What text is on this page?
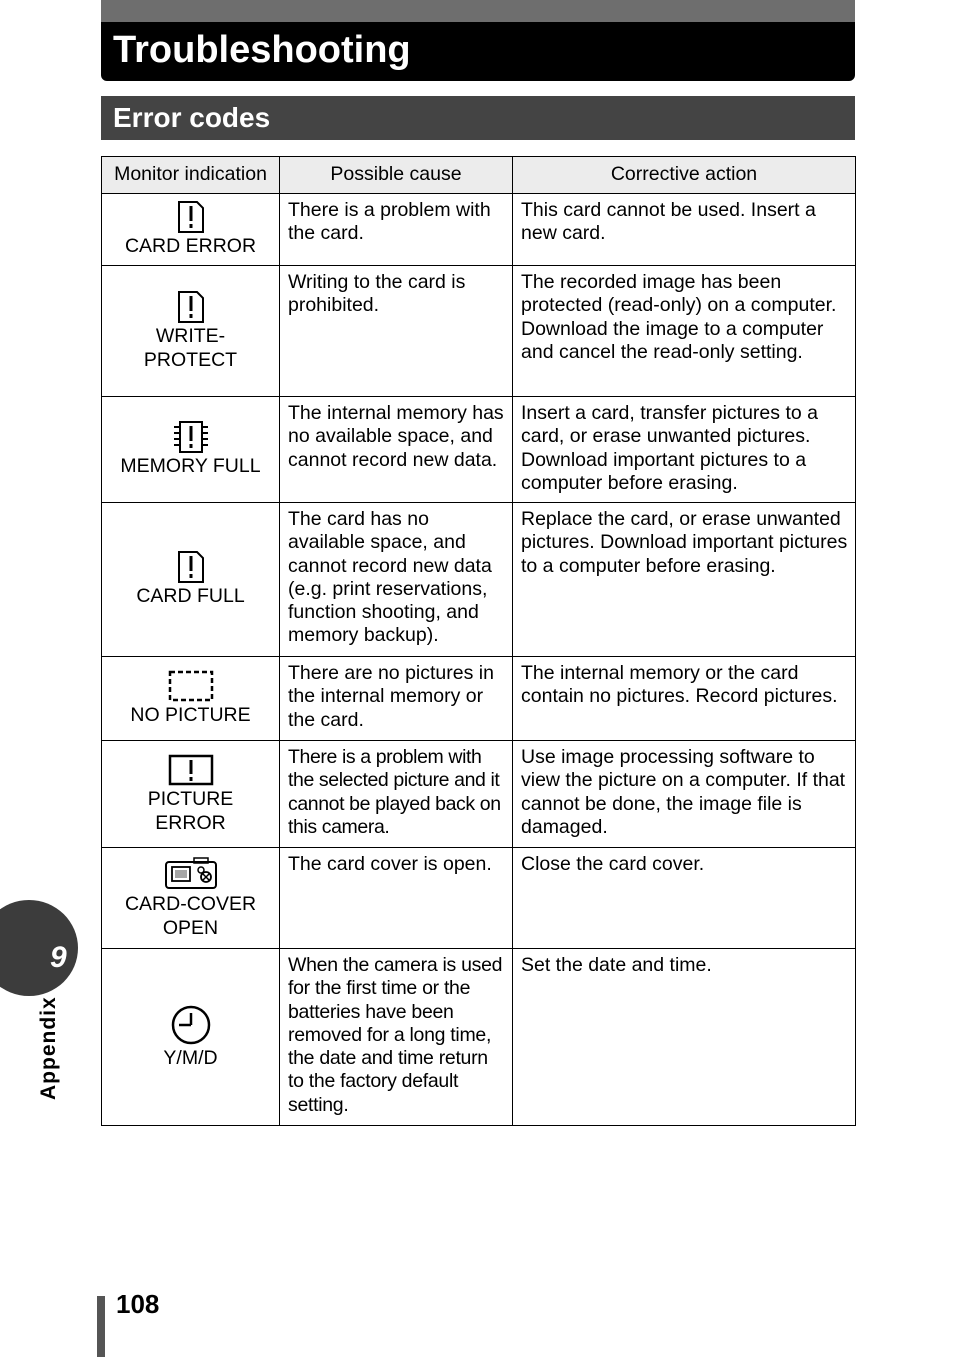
Troubleshooting
Error codes
Monitor indication	Possible cause	Corrective action

CARD ERROR	There is a problem with the card.	This card cannot be used. Insert a new card.

WRITE-
PROTECT	Writing to the card is prohibited.	The recorded image has been protected (read-only) on a computer. Download the image to a computer and cancel the read-only setting.

MEMORY FULL	The internal memory has no available space, and cannot record new data.	Insert a card, transfer pictures to a card, or erase unwanted pictures. Download important pictures to a computer before erasing.

CARD FULL	The card has no available space, and cannot record new data (e.g. print reservations, function shooting, and memory backup).	Replace the card, or erase unwanted pictures. Download important pictures to a computer before erasing.

NO PICTURE	There are no pictures in the internal memory or the card.	The internal memory or the card contain no pictures. Record pictures.

PICTURE
ERROR	There is a problem with the selected picture and it cannot be played back on this camera.	Use image processing software to view the picture on a computer. If that cannot be done, the image file is damaged.

CARD-COVER
OPEN	The card cover is open.	Close the card cover.

Y/M/D	When the camera is used for the first time or the batteries have been removed for a long time, the date and time return to the factory default setting.	Set the date and time.
9
Appendix
108
